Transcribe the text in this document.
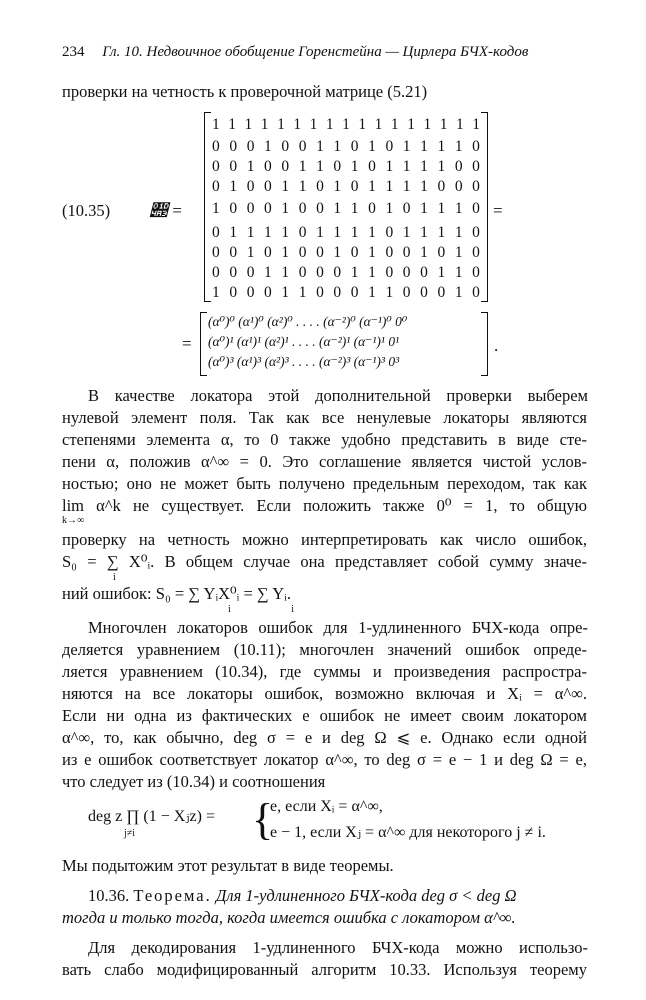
234 Гл. 10. Недвоичное обобщение Горенстейна — Цирлера БЧХ-кодов
проверки на четность к проверочной матрице (5.21)
(10.35) 𝒣 =	=
1 1 1 1 1 1 1 1 1 1 1 1 1 1 1 1 1
0 0 0 1 0 0 1 1 0 1 0 1 1 1 1 0
0 0 1 0 0 1 1 0 1 0 1 1 1 1 0 0
0 1 0 0 1 1 0 1 0 1 1 1 1 0 0 0
1 0 0 0 1 0 0 1 1 0 1 0 1 1 1 0
0 1 1 1 1 0 1 1 1 1 0 1 1 1 1 0
0 0 1 0 1 0 0 1 0 1 0 0 1 0 1 0
0 0 0 1 1 0 0 0 1 1 0 0 0 1 1 0
1 0 0 0 1 1 0 0 0 1 1 0 0 0 1 0
=
(α⁰)⁰ (α¹)⁰ (α²)⁰ . . . . (α⁻²)⁰ (α⁻¹)⁰ 0⁰
(α⁰)¹ (α¹)¹ (α²)¹ . . . . (α⁻²)¹ (α⁻¹)¹ 0¹
(α⁰)³ (α¹)³ (α²)³ . . . . (α⁻²)³ (α⁻¹)³ 0³
.
В качестве локатора этой дополнительной проверки выберем
нулевой элемент поля. Так как все ненулевые локаторы являются
степенями элемента α, то 0 также удобно представить в виде сте-
пени α, положив α^∞ = 0. Это соглашение является чистой услов-
ностью; оно не может быть получено предельным переходом, так как
lim α^k не существует. Если положить также 0⁰ = 1, то общую
k→∞
проверку на четность можно интерпретировать как число ошибок,
S₀ = ∑ X⁰ᵢ. В общем случае она представляет собой сумму значе-
i
ний ошибок: S₀ = ∑ YᵢX⁰ᵢ = ∑ Yᵢ.
i i
Многочлен локаторов ошибок для 1-удлиненного БЧХ-кода опре-
деляется уравнением (10.11); многочлен значений ошибок опреде-
ляется уравнением (10.34), где суммы и произведения распростра-
няются на все локаторы ошибок, возможно включая и Xᵢ = α^∞.
Если ни одна из фактических e ошибок не имеет своим локатором
α^∞, то, как обычно, deg σ = e и deg Ω ⩽ e. Однако если одной
из e ошибок соответствует локатор α^∞, то deg σ = e − 1 и deg Ω = e,
что следует из (10.34) и соотношения
deg z ∏ (1 − Xⱼz) =
j≠i	{
e, если Xᵢ = α^∞,
e − 1, если Xⱼ = α^∞ для некоторого j ≠ i.
Мы подытожим этот результат в виде теоремы.
10.36. Теорема. Для 1-удлиненного БЧХ-кода deg σ < deg Ω
тогда и только тогда, когда имеется ошибка с локатором α^∞.
Для декодирования 1-удлиненного БЧХ-кода можно использо-
вать слабо модифицированный алгоритм 10.33. Используя теорему
